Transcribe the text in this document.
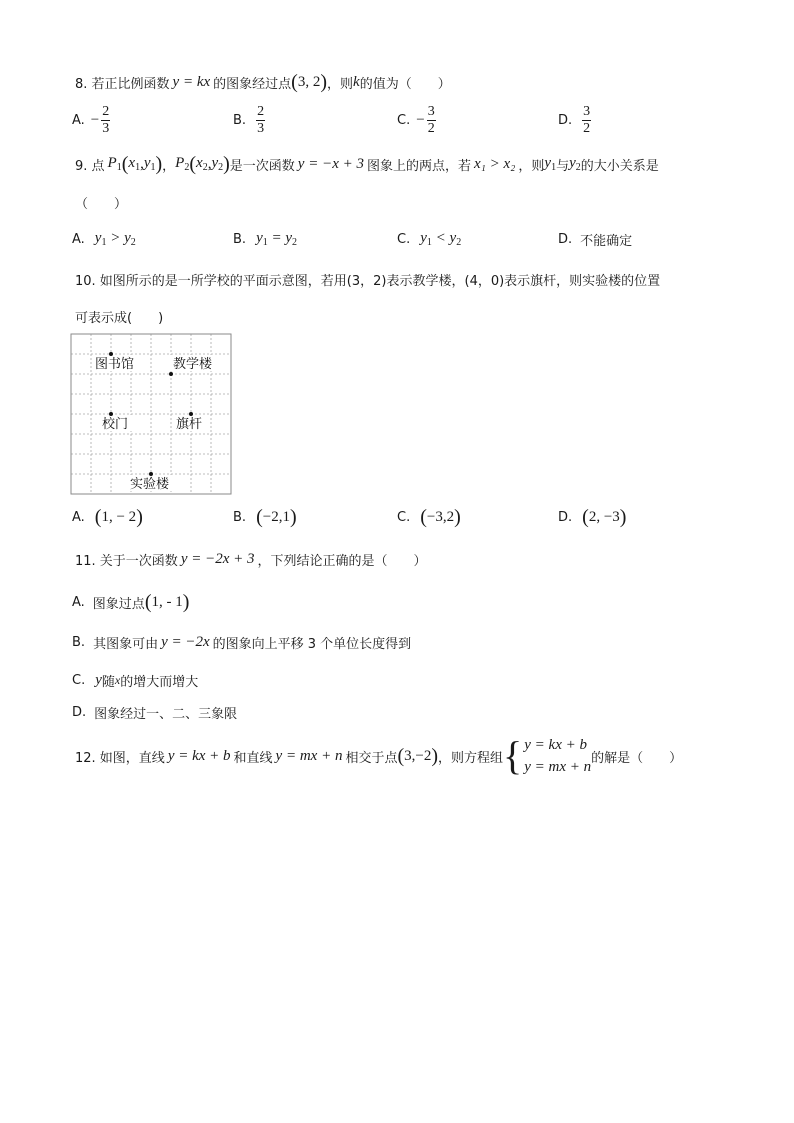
8. 若正比例函数 y = kx 的图象经过点 ( 3, 2 ) ，则 k 的值为（　　）
A. − $\frac{2}{3}$	B. $\frac{2}{3}$	C. − $\frac{3}{2}$	D. $\frac{3}{2}$
9. 点 $P_1$ ( $x_1$ , $y_1$ ) ， $P_2$ ( $x_2$ , $y_2$ ) 是一次函数 y = −x + 3 图象上的两点，若 x₁ > x₂ ，则 $y_1$ 与 $y_2$ 的大小关系是
（　　）
A. $y_1 > y_2$	B. $y_1 = y_2$	C. $y_1 < y_2$	D. 不能确定
10. 如图所示的是一所学校的平面示意图，若用(3，2)表示教学楼，(4，0)表示旗杆，则实验楼的位置
可表示成(　　)
图书馆	教学楼
校门	旗杆
实验楼
A. ( 1, − 2 )	B. ( −2,1 )	C. ( −3,2 )	D. ( 2, −3 )
11. 关于一次函数 y = −2x + 3 ，下列结论正确的是（　　）
A. 图象过点 ( 1, - 1 )
B. 其图象可由 y = −2x 的图象向上平移 3 个单位长度得到
C. y 随 x 的增大而增大
D. 图象经过一、二、三象限
12. 如图，直线 y = kx + b 和直线 y = mx + n 相交于点 ( 3,−2 ) ，则方程组 { y = kx + b
y = mx + n
的解是（　　）
